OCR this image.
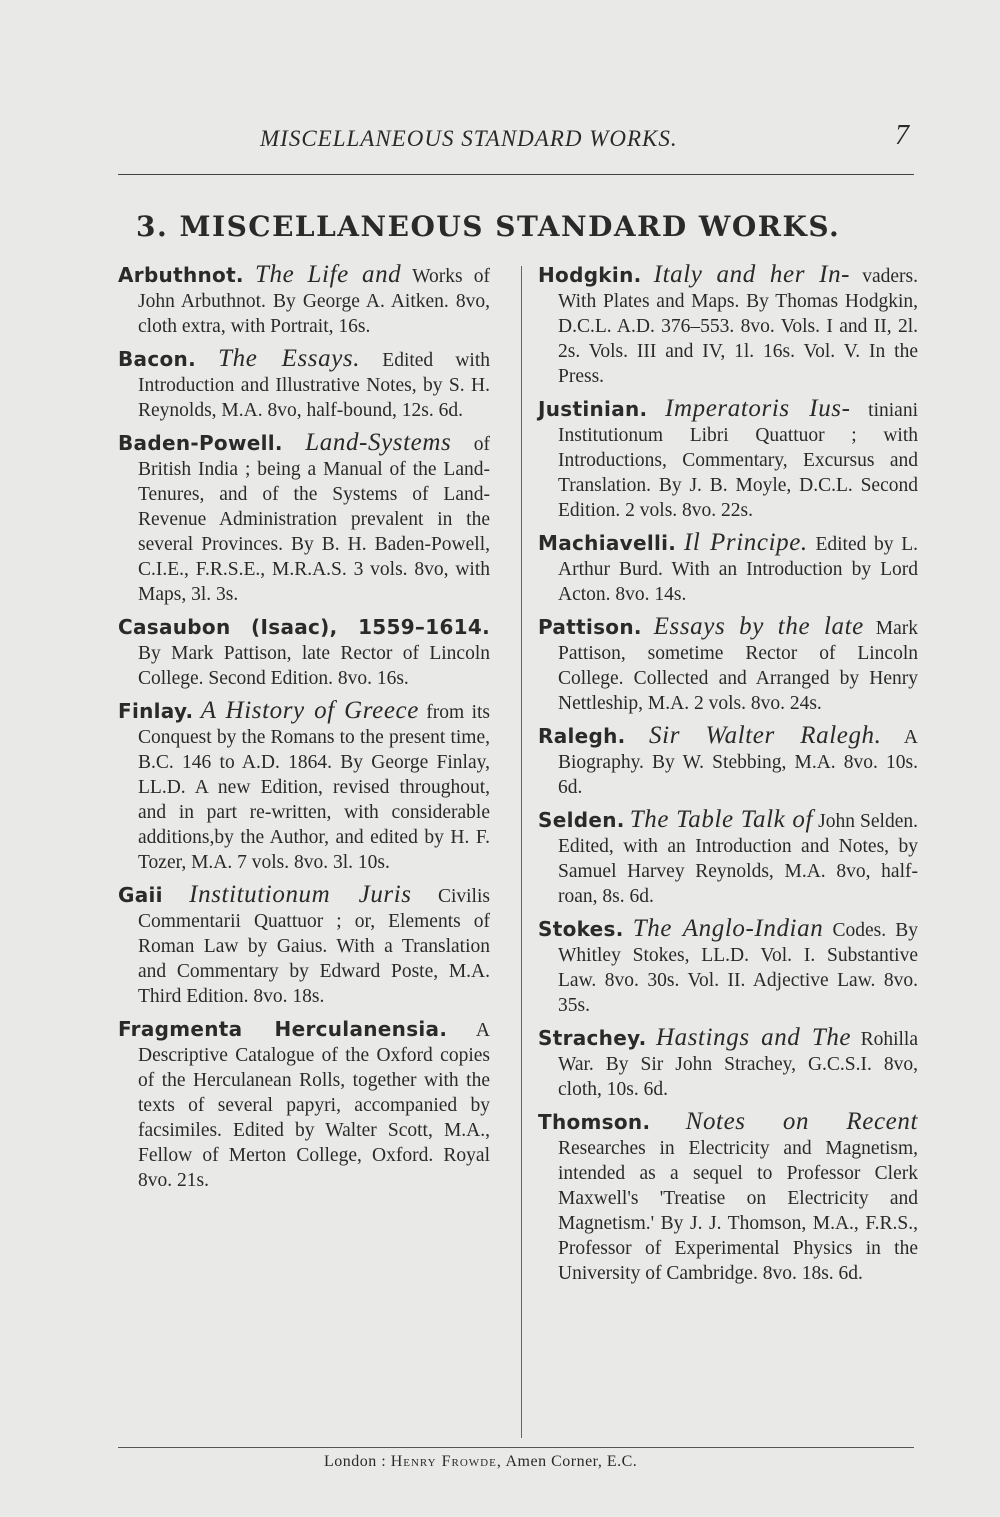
MISCELLANEOUS STANDARD WORKS.	7
3. MISCELLANEOUS STANDARD WORKS.
Arbuthnot. The Life and Works of John Arbuthnot. By George A. Aitken. 8vo, cloth extra, with Portrait, 16s.
Bacon. The Essays. Edited with Introduction and Illustrative Notes, by S. H. Reynolds, M.A. 8vo, half-bound, 12s. 6d.
Baden-Powell. Land-Systems of British India ; being a Manual of the Land-Tenures, and of the Systems of Land-Revenue Administration prevalent in the several Provinces. By B. H. Baden-Powell, C.I.E., F.R.S.E., M.R.A.S. 3 vols. 8vo, with Maps, 3l. 3s.
Casaubon (Isaac), 1559–1614. By Mark Pattison, late Rector of Lincoln College. Second Edition. 8vo. 16s.
Finlay. A History of Greece from its Conquest by the Romans to the present time, B.C. 146 to A.D. 1864. By George Finlay, LL.D. A new Edition, revised throughout, and in part re-written, with considerable additions,by the Author, and edited by H. F. Tozer, M.A. 7 vols. 8vo. 3l. 10s.
Gaii Institutionum Juris Civilis Commentarii Quattuor ; or, Elements of Roman Law by Gaius. With a Translation and Commentary by Edward Poste, M.A. Third Edition. 8vo. 18s.
Fragmenta Herculanensia. A Descriptive Catalogue of the Oxford copies of the Herculanean Rolls, together with the texts of several papyri, accompanied by facsimiles. Edited by Walter Scott, M.A., Fellow of Merton College, Oxford. Royal 8vo. 21s.
Hodgkin. Italy and her In- vaders. With Plates and Maps. By Thomas Hodgkin, D.C.L. A.D. 376–553. 8vo. Vols. I and II, 2l. 2s. Vols. III and IV, 1l. 16s. Vol. V. In the Press.
Justinian. Imperatoris Ius- tiniani Institutionum Libri Quattuor ; with Introductions, Commentary, Excursus and Translation. By J. B. Moyle, D.C.L. Second Edition. 2 vols. 8vo. 22s.
Machiavelli. Il Principe. Edited by L. Arthur Burd. With an Introduction by Lord Acton. 8vo. 14s.
Pattison. Essays by the late Mark Pattison, sometime Rector of Lincoln College. Collected and Arranged by Henry Nettleship, M.A. 2 vols. 8vo. 24s.
Ralegh. Sir Walter Ralegh. A Biography. By W. Stebbing, M.A. 8vo. 10s. 6d.
Selden. The Table Talk of John Selden. Edited, with an Introduction and Notes, by Samuel Harvey Reynolds, M.A. 8vo, half-roan, 8s. 6d.
Stokes. The Anglo-Indian Codes. By Whitley Stokes, LL.D. Vol. I. Substantive Law. 8vo. 30s. Vol. II. Adjective Law. 8vo. 35s.
Strachey. Hastings and The Rohilla War. By Sir John Strachey, G.C.S.I. 8vo, cloth, 10s. 6d.
Thomson. Notes on Recent Researches in Electricity and Magnetism, intended as a sequel to Professor Clerk Maxwell's 'Treatise on Electricity and Magnetism.' By J. J. Thomson, M.A., F.R.S., Professor of Experimental Physics in the University of Cambridge. 8vo. 18s. 6d.
London : Henry Frowde, Amen Corner, E.C.
